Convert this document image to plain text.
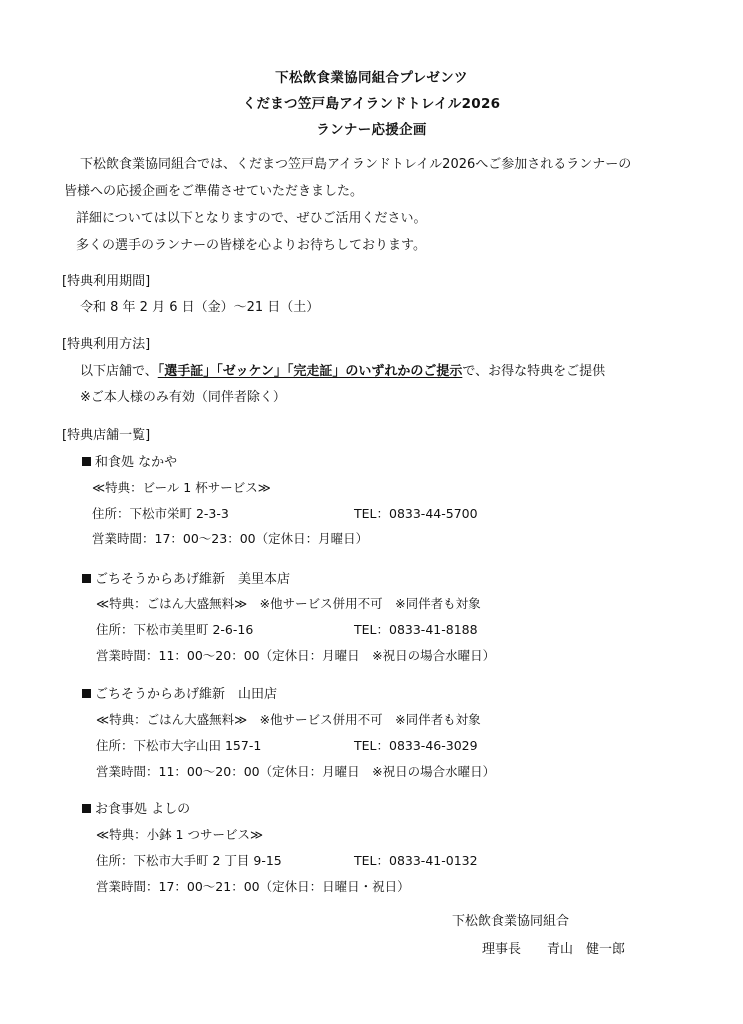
下松飲食業協同組合プレゼンツ
くだまつ笠戸島アイランドトレイル2026
ランナー応援企画
下松飲食業協同組合では、くだまつ笠戸島アイランドトレイル2026へご参加されるランナーの
皆様への応援企画をご準備させていただきました。
詳細については以下となりますので、ぜひご活用ください。
多くの選手のランナーの皆様を心よりお待ちしております。
[特典利用期間]
令和 8 年 2 月 6 日（金）～21 日（土）
[特典利用方法]
以下店舗で、「選手証」「ゼッケン」「完走証」のいずれかのご提示で、お得な特典をご提供
※ご本人様のみ有効（同伴者除く）
[特典店舗一覧]
和食処 なかや
≪特典：ビール 1 杯サービス≫
住所：下松市栄町 2-3-3	TEL：0833-44-5700
営業時間：17：00～23：00（定休日：月曜日）
ごちそうからあげ維新　美里本店
≪特典：ごはん大盛無料≫　※他サービス併用不可　※同伴者も対象
住所：下松市美里町 2-6-16	TEL：0833-41-8188
営業時間：11：00～20：00（定休日：月曜日　※祝日の場合水曜日）
ごちそうからあげ維新　山田店
≪特典：ごはん大盛無料≫　※他サービス併用不可　※同伴者も対象
住所：下松市大字山田 157-1	TEL：0833-46-3029
営業時間：11：00～20：00（定休日：月曜日　※祝日の場合水曜日）
お食事処 よしの
≪特典：小鉢 1 つサービス≫
住所：下松市大手町 2 丁目 9-15	TEL：0833-41-0132
営業時間：17：00～21：00（定休日：日曜日・祝日）
下松飲食業協同組合
理事長　　青山　健一郎
